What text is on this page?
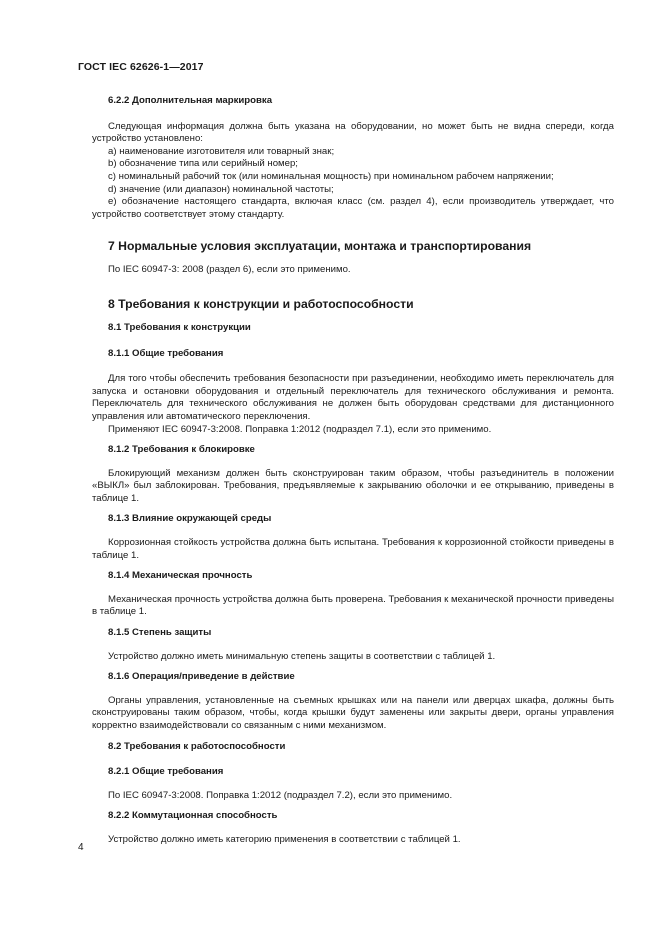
ГОСТ IEC 62626-1—2017
6.2.2 Дополнительная маркировка

Следующая информация должна быть указана на оборудовании, но может быть не видна спереди, когда устройство установлено:

a) наименование изготовителя или товарный знак;
b) обозначение типа или серийный номер;
c) номинальный рабочий ток (или номинальная мощность) при номинальном рабочем напряжении;
d) значение (или диапазон) номинальной частоты;
e) обозначение настоящего стандарта, включая класс (см. раздел 4), если производитель утверждает, что устройство соответствует этому стандарту.
7 Нормальные условия эксплуатации, монтажа и транспортирования

По IEC 60947-3: 2008 (раздел 6), если это применимо.

8 Требования к конструкции и работоспособности
8.1 Требования к конструкции
8.1.1 Общие требования

Для того чтобы обеспечить требования безопасности при разъединении, необходимо иметь переключатель для запуска и остановки оборудования и отдельный переключатель для технического обслуживания и ремонта. Переключатель для технического обслуживания не должен быть оборудован средствами для дистанционного управления или автоматического переключения.

Применяют IEC 60947-3:2008. Поправка 1:2012 (подраздел 7.1), если это применимо.

8.1.2 Требования к блокировке

Блокирующий механизм должен быть сконструирован таким образом, чтобы разъединитель в положении «ВЫКЛ» был заблокирован. Требования, предъявляемые к закрыванию оболочки и ее открыванию, приведены в таблице 1.

8.1.3 Влияние окружающей среды

Коррозионная стойкость устройства должна быть испытана. Требования к коррозионной стойкости приведены в таблице 1.

8.1.4 Механическая прочность

Механическая прочность устройства должна быть проверена. Требования к механической прочности приведены в таблице 1.

8.1.5 Степень защиты

Устройство должно иметь минимальную степень защиты в соответствии с таблицей 1.

8.1.6 Операция/приведение в действие

Органы управления, установленные на съемных крышках или на панели или дверцах шкафа, должны быть сконструированы таким образом, чтобы, когда крышки будут заменены или закрыты двери, органы управления корректно взаимодействовали со связанным с ними механизмом.

8.2 Требования к работоспособности
8.2.1 Общие требования

По IEC 60947-3:2008. Поправка 1:2012 (подраздел 7.2), если это применимо.

8.2.2 Коммутационная способность

Устройство должно иметь категорию применения в соответствии с таблицей 1.

4
